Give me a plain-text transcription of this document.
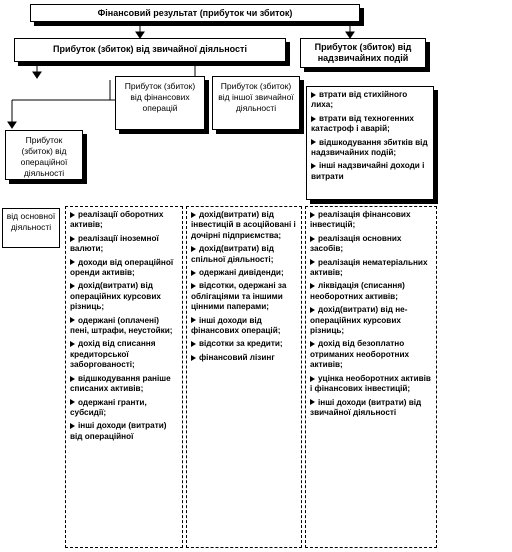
Фінансовий результат (прибуток чи збиток)
Прибуток (збиток) від звичайної діяльності	Прибуток (збиток) від надзвичайних подій
Прибуток (збиток) від фінансових операцій
Прибуток (збиток) від іншої звичайної діяльності
Прибуток (збиток) від операційної діяльності
від основної діяльності
втрати від стихійного лиха;
втрати від техногенних катастроф і аварій;
відшкодування збитків від надзвичайних подій;
інші надзвичайні доходи і витрати
реалізації оборотних активів;
реалізації іноземної валюти;
доходи від операційної оренди активів;
дохід(витрати) від операційних курсових різниць;
одержані (оплачені) пені, штрафи, неустойки;
дохід від списання кредиторської заборгованості;
відшкодування раніше списаних активів;
одержані гранти, субсидії;
інші доходи (витрати) від операційної
дохід(витрати) від інвестицій в асоційовані і дочірні підприємства;
дохід(витрати) від спільної діяльності;
одержані дивіденди;
відсотки, одержані за облігаціями та іншими цінними паперами;
інші доходи від фінансових операцій;
відсотки за кредити;
фінансовий лізинг
реалізація фінансових інвестицій;
реалізація основних засобів;
реалізація нематеріальних активів;
ліквідація (списання) необоротних активів;
дохід(витрати) від не-операційних курсових різниць;
дохід від безоплатно отриманих необоротних активів;
уцінка необоротних активів і фінансових інвестицій;
інші доходи (витрати) від звичайної діяльності
